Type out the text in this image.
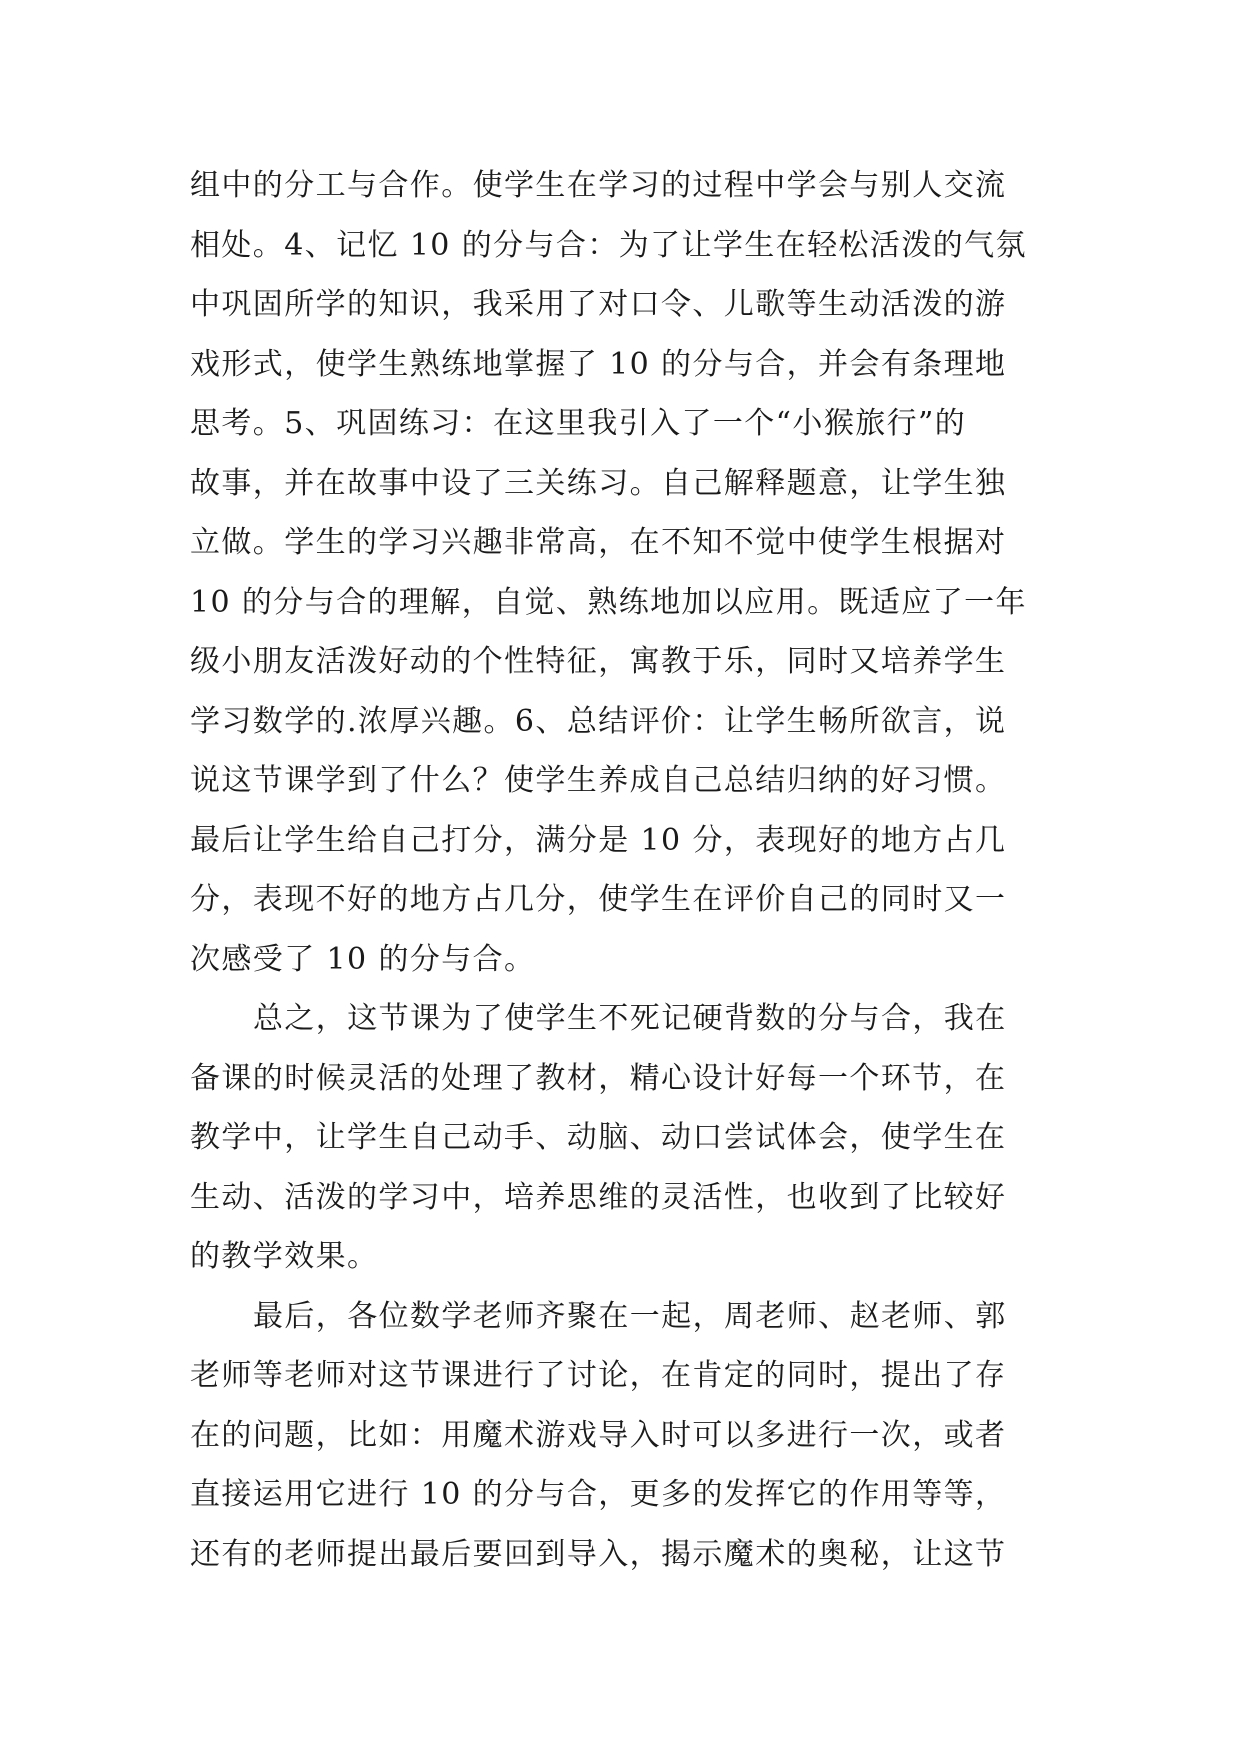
组中的分工与合作。使学生在学习的过程中学会与别人交流
相处。4、记忆 10 的分与合：为了让学生在轻松活泼的气氛
中巩固所学的知识，我采用了对口令、儿歌等生动活泼的游
戏形式，使学生熟练地掌握了 10 的分与合，并会有条理地
思考。5、巩固练习：在这里我引入了一个“小猴旅行”的
故事，并在故事中设了三关练习。自己解释题意，让学生独
立做。学生的学习兴趣非常高，在不知不觉中使学生根据对
10 的分与合的理解，自觉、熟练地加以应用。既适应了一年
级小朋友活泼好动的个性特征，寓教于乐，同时又培养学生
学习数学的.浓厚兴趣。6、总结评价：让学生畅所欲言，说
说这节课学到了什么？使学生养成自己总结归纳的好习惯。
最后让学生给自己打分，满分是 10 分，表现好的地方占几
分，表现不好的地方占几分，使学生在评价自己的同时又一
次感受了 10 的分与合。
总之，这节课为了使学生不死记硬背数的分与合，我在
备课的时候灵活的处理了教材，精心设计好每一个环节，在
教学中，让学生自己动手、动脑、动口尝试体会，使学生在
生动、活泼的学习中，培养思维的灵活性，也收到了比较好
的教学效果。
最后，各位数学老师齐聚在一起，周老师、赵老师、郭
老师等老师对这节课进行了讨论，在肯定的同时，提出了存
在的问题，比如：用魔术游戏导入时可以多进行一次，或者
直接运用它进行 10 的分与合，更多的发挥它的作用等等，
还有的老师提出最后要回到导入，揭示魔术的奥秘，让这节
